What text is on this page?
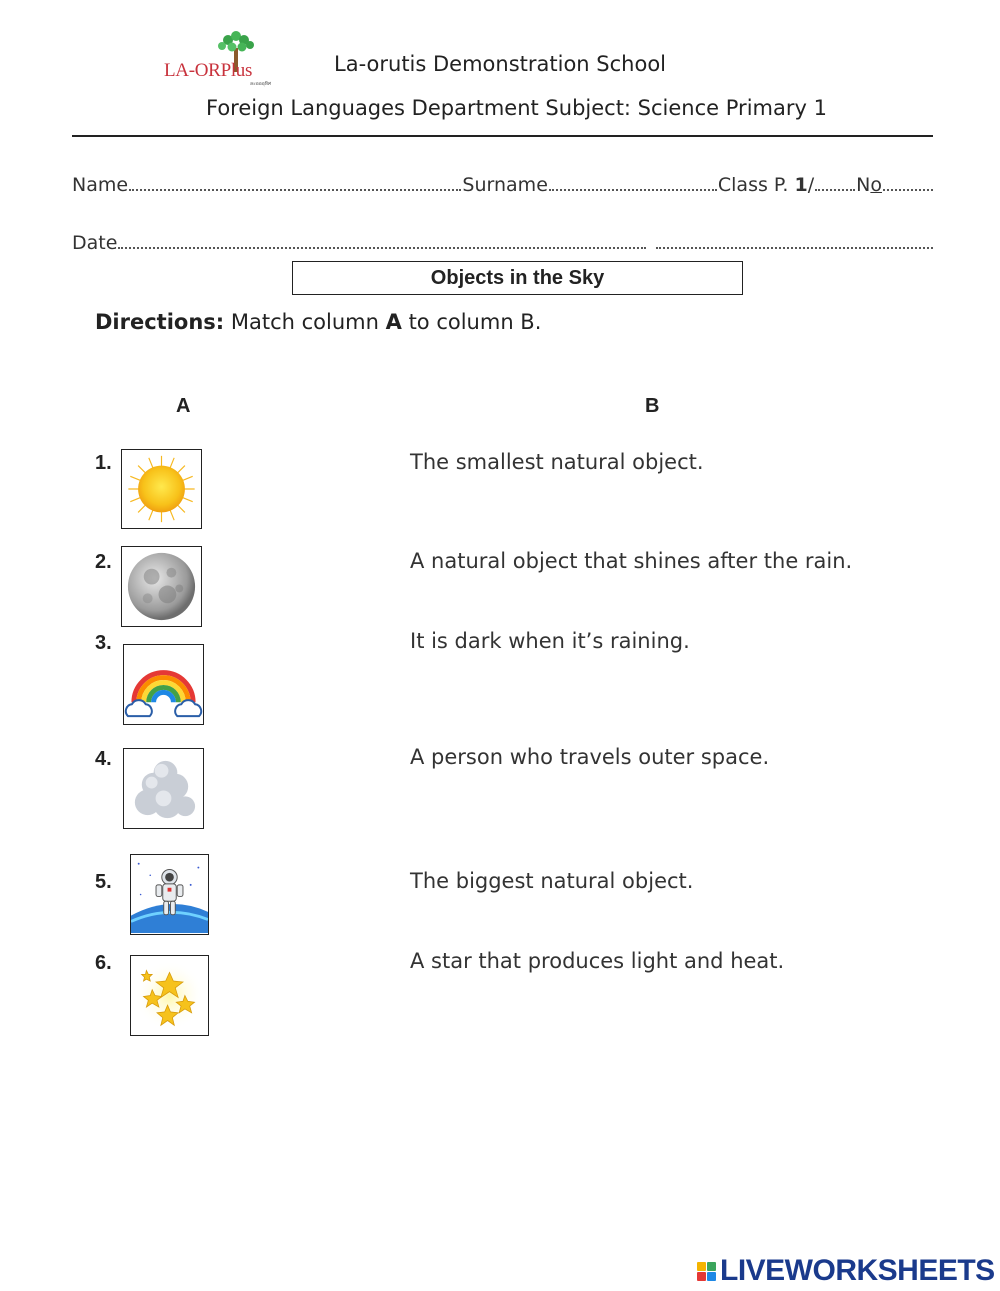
LA-ORPlus
ละอออุทิศ
La-orutis Demonstration School
Foreign Languages Department Subject: Science Primary 1
Name	Surname	Class P.
1 / No
Date
Objects in the Sky
Directions: Match column A to column B.
A	B
1.	The smallest natural object.
2.	A natural object that shines after the rain.
3.	It is dark when it’s raining.
4.	A person who travels outer space.
5.	The biggest natural object.
6.	A star that produces light and heat.
LIVEWORKSHEETS
